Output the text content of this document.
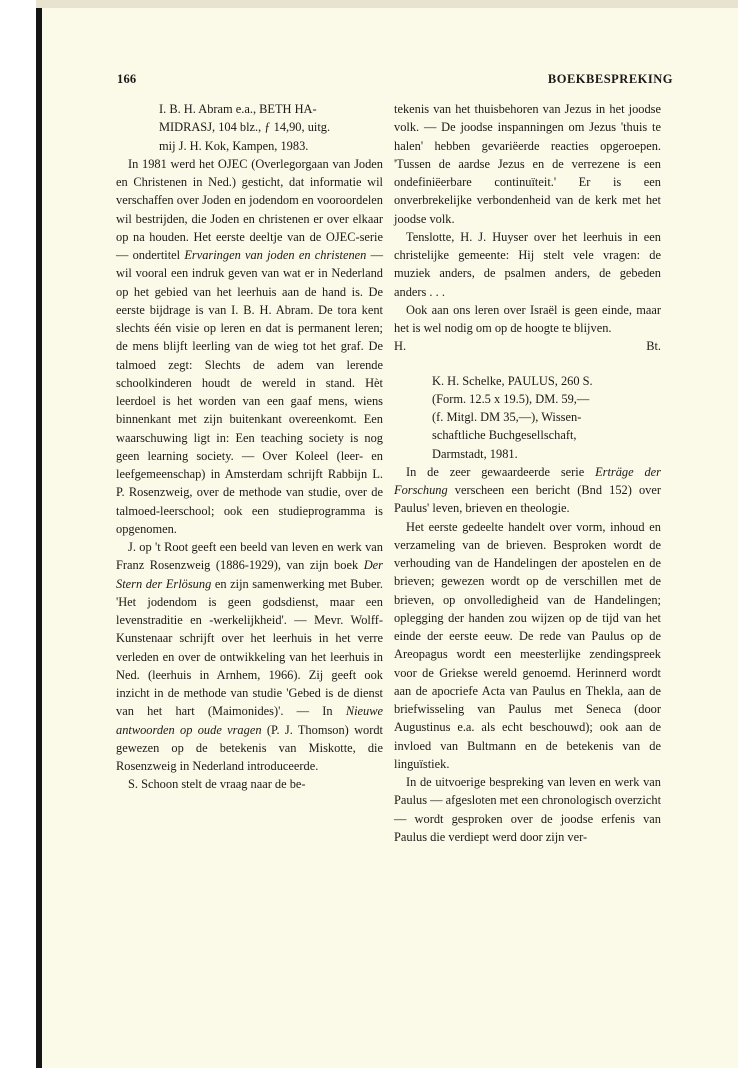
166	BOEKBESPREKING
I. B. H. Abram e.a., BETH HA-
MIDRASJ, 104 blz., ƒ 14,90, uitg.
mij J. H. Kok, Kampen, 1983.

In 1981 werd het OJEC (Overlegorgaan van Joden en Christenen in Ned.) gesticht, dat informatie wil verschaffen over Joden en jodendom en vooroordelen wil bestrijden, die Joden en christenen er over elkaar op na houden. Het eerste deeltje van de OJEC-serie — ondertitel Ervaringen van joden en christenen — wil vooral een indruk geven van wat er in Nederland op het gebied van het leerhuis aan de hand is. De eerste bijdrage is van I. B. H. Abram. De tora kent slechts één visie op leren en dat is permanent leren; de mens blijft leerling van de wieg tot het graf. De talmoed zegt: Slechts de adem van lerende schoolkinderen houdt de wereld in stand. Hèt leerdoel is het worden van een gaaf mens, wiens binnenkant met zijn buitenkant overeenkomt. Een waarschuwing ligt in: Een teaching society is nog geen learning society. — Over Koleel (leer- en leefgemeenschap) in Amsterdam schrijft Rabbijn L. P. Rosenzweig, over de methode van studie, over de talmoed-leerschool; ook een studieprogramma is opgenomen.

J. op 't Root geeft een beeld van leven en werk van Franz Rosenzweig (1886-1929), van zijn boek Der Stern der Erlösung en zijn samenwerking met Buber. 'Het jodendom is geen godsdienst, maar een levenstraditie en -werkelijkheid'. — Mevr. Wolff-Kunstenaar schrijft over het leerhuis in het verre verleden en over de ontwikkeling van het leerhuis in Ned. (leerhuis in Arnhem, 1966). Zij geeft ook inzicht in de methode van studie 'Gebed is de dienst van het hart (Maimonides)'. — In Nieuwe antwoorden op oude vragen (P. J. Thomson) wordt gewezen op de betekenis van Miskotte, die Rosenzweig in Nederland introduceerde.

S. Schoon stelt de vraag naar de be-

tekenis van het thuisbehoren van Jezus in het joodse volk. — De joodse inspanningen om Jezus 'thuis te halen' hebben gevariëerde reacties opgeroepen. 'Tussen de aardse Jezus en de verrezene is een ondefiniëerbare continuïteit.' Er is een onverbrekelijke verbondenheid van de kerk met het joodse volk.

Tenslotte, H. J. Huyser over het leerhuis in een christelijke gemeente: Hij stelt vele vragen: de muziek anders, de psalmen anders, de gebeden anders . . .

Ook aan ons leren over Israël is geen einde, maar het is wel nodig om op de hoogte te blijven.

H.	Bt.
K. H. Schelke, PAULUS, 260 S.
(Form. 12.5 x 19.5), DM. 59,—
(f. Mitgl. DM 35,—), Wissen-
schaftliche Buchgesellschaft,
Darmstadt, 1981.

In de zeer gewaardeerde serie Erträge der Forschung verscheen een bericht (Bnd 152) over Paulus' leven, brieven en theologie.

Het eerste gedeelte handelt over vorm, inhoud en verzameling van de brieven. Besproken wordt de verhouding van de Handelingen der apostelen en de brieven; gewezen wordt op de verschillen met de brieven, op onvolledigheid van de Handelingen; oplegging der handen zou wijzen op de tijd van het einde der eerste eeuw. De rede van Paulus op de Areopagus wordt een meesterlijke zendingspreek voor de Griekse wereld genoemd. Herinnerd wordt aan de apocriefe Acta van Paulus en Thekla, aan de briefwisseling van Paulus met Seneca (door Augustinus e.a. als echt beschouwd); ook aan de invloed van Bultmann en de betekenis van de linguïstiek.

In de uitvoerige bespreking van leven en werk van Paulus — afgesloten met een chronologisch overzicht — wordt gesproken over de joodse erfenis van Paulus die verdiept werd door zijn ver-
